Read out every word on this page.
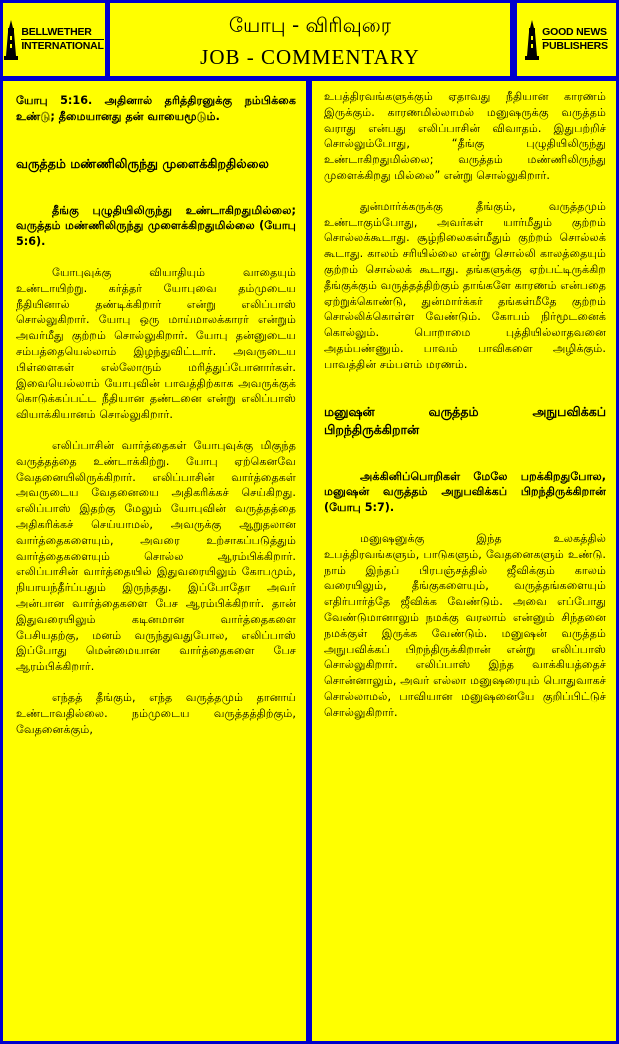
BELLWETHER
INTERNATIONAL
யோபு - விரிவுரை
JOB - COMMENTARY
GOOD NEWS
PUBLISHERS

யோபு 5:16. அதினால் தரித்திரனுக்கு நம்பிக்கை உண்டு; தீமையானது தன் வாயைமூடும்.

வருத்தம் மண்ணிலிருந்து முளைக்கிறதில்லை

தீங்கு புழுதியிலிருந்து உண்டாகிறதுமில்லை; வருத்தம் மண்ணிலிருந்து முளைக்கிறதுமில்லை (யோபு 5:6).

யோபுவுக்கு வியாதியும் வாதையும் உண்டாயிற்று. கர்த்தர் யோபுவை தம்முடைய நீதியினால் தண்டிக்கிறார் என்று எலிப்பாஸ் சொல்லுகிறார். யோபு ஒரு மாய்மாலக்காரர் என்றும் அவர்மீது குற்றம் சொல்லுகிறார். யோபு தன்னுடைய சம்பத்தையெல்லாம் இழந்துவிட்டார். அவருடைய பிள்ளைகள் எல்லோரும் மரித்துப்போனார்கள். இவையெல்லாம் யோபுவின் பாவத்திற்காக அவருக்குக் கொடுக்கப்பட்ட நீதியான தண்டனை என்று எலிப்பாஸ் வியாக்கியானம் சொல்லுகிறார்.

எலிப்பாசின் வார்த்தைகள் யோபுவுக்கு மிகுந்த வருத்தத்தை உண்டாக்கிற்று. யோபு ஏற்கெனவே வேதனையிலிருக்கிறார். எலிப்பாசின் வார்த்தைகள் அவருடைய வேதனையை அதிகரிக்கச் செய்கிறது. எலிப்பாஸ் இதற்கு மேலும் யோபுவின் வருத்தத்தை அதிகரிக்கச் செய்யாமல், அவருக்கு ஆறுதலான வார்த்தைகளையும், அவரை உற்சாகப்படுத்தும் வார்த்தைகளையும் சொல்ல ஆரம்பிக்கிறார். எலிப்பாசின் வார்த்தையில் இதுவரையிலும் கோபமும், நியாயந்தீர்ப்பதும் இருந்தது. இப்போதோ அவர் அன்பான வார்த்தைகளை பேச ஆரம்பிக்கிறார். தான் இதுவரையிலும் கடினமான வார்த்தைகளை பேசியதற்கு, மனம் வருந்துவதுபோல, எலிப்பாஸ் இப்போது மென்மையான வார்த்தைகளை பேச ஆரம்பிக்கிறார்.

எந்தத் தீங்கும், எந்த வருத்தமும் தானாய் உண்டாவதில்லை. நம்முடைய வருத்தத்திற்கும், வேதனைக்கும்,

உபத்திரவங்களுக்கும் ஏதாவது நீதியான காரணம் இருக்கும். காரணமில்லாமல் மனுஷருக்கு வருத்தம் வராது என்பது எலிப்பாசின் விவாதம். இதுபற்றிச் சொல்லும்போது, “தீங்கு புழுதியிலிருந்து உண்டாகிறதுமில்லை; வருத்தம் மண்ணிலிருந்து முளைக்கிறது மில்லை” என்று சொல்லுகிறார்.

துன்மார்க்கருக்கு தீங்கும், வருத்தமும் உண்டாகும்போது, அவர்கள் யார்மீதும் குற்றம் சொல்லக்கூடாது. சூழ்நிலைகள்மீதும் குற்றம் சொல்லக் கூடாது. காலம் சரியில்லை என்று சொல்லி காலத்தையும் குற்றம் சொல்லக் கூடாது. தங்களுக்கு ஏற்பட்டிருக்கிற தீங்குக்கும் வருத்தத்திற்கும் தாங்களே காரணம் என்பதை ஏற்றுக்கொண்டு, துன்மார்க்கர் தங்கள்மீதே குற்றம் சொல்லிக்கொள்ள வேண்டும். கோபம் நிர்மூடனைக் கொல்லும். பொறாமை புத்தியில்லாதவனை அதம்பண்ணும். பாவம் பாவிகளை அழிக்கும். பாவத்தின் சம்பளம் மரணம்.

மனுஷன் வருத்தம் அநுபவிக்கப் பிறந்திருக்கிறான்

அக்கினிப்பொறிகள் மேலே பறக்கிறதுபோல, மனுஷன் வருத்தம் அநுபவிக்கப் பிறந்திருக்கிறான் (யோபு 5:7).

மனுஷனுக்கு இந்த உலகத்தில் உபத்திரவங்களும், பாடுகளும், வேதனைகளும் உண்டு. நாம் இந்தப் பிரபஞ்சத்தில் ஜீவிக்கும் காலம் வரையிலும், தீங்குகளையும், வருத்தங்களையும் எதிர்பார்த்தே ஜீவிக்க வேண்டும். அவை எப்போது வேண்டுமானாலும் நமக்கு வரலாம் என்னும் சிந்தனை நமக்குள் இருக்க வேண்டும். மனுஷன் வருத்தம் அநுபவிக்கப் பிறந்திருக்கிறான் என்று எலிப்பாஸ் சொல்லுகிறார். எலிப்பாஸ் இந்த வாக்கியத்தைச் சொன்னாலும், அவர் எல்லா மனுஷரையும் பொதுவாகச் சொல்லாமல், பாவியான மனுஷனையே குறிப்பிட்டுச் சொல்லுகிறார்.
